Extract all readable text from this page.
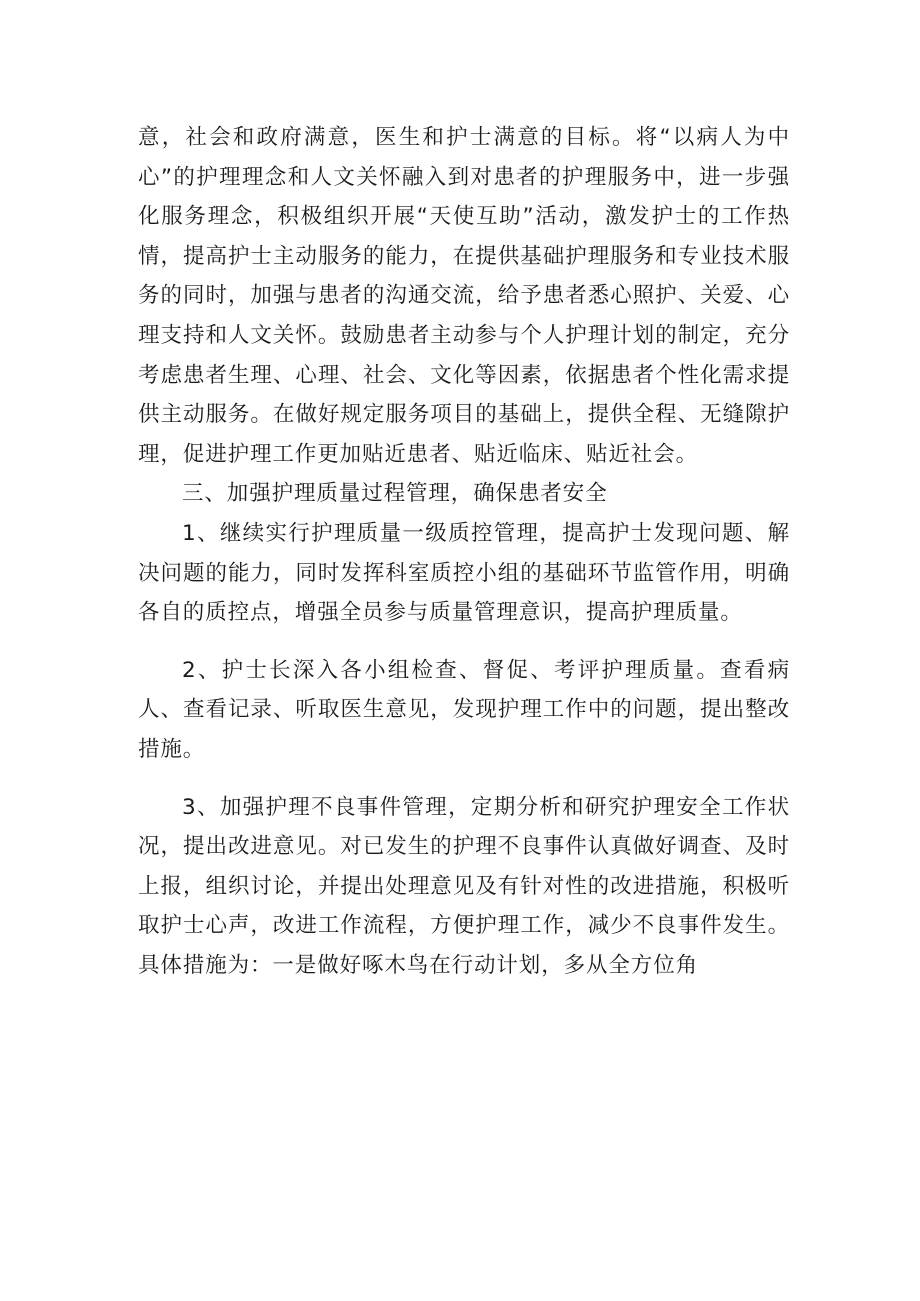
意，社会和政府满意，医生和护士满意的目标。将“以病人为中心”的护理理念和人文关怀融入到对患者的护理服务中，进一步强化服务理念，积极组织开展“天使互助”活动，激发护士的工作热情，提高护士主动服务的能力，在提供基础护理服务和专业技术服务的同时，加强与患者的沟通交流，给予患者悉心照护、关爱、心理支持和人文关怀。鼓励患者主动参与个人护理计划的制定，充分考虑患者生理、心理、社会、文化等因素，依据患者个性化需求提供主动服务。在做好规定服务项目的基础上，提供全程、无缝隙护理，促进护理工作更加贴近患者、贴近临床、贴近社会。

三、加强护理质量过程管理，确保患者安全

1、继续实行护理质量一级质控管理，提高护士发现问题、解决问题的能力，同时发挥科室质控小组的基础环节监管作用，明确各自的质控点，增强全员参与质量管理意识，提高护理质量。

2、护士长深入各小组检查、督促、考评护理质量。查看病人、查看记录、听取医生意见，发现护理工作中的问题，提出整改措施。

3、加强护理不良事件管理，定期分析和研究护理安全工作状况，提出改进意见。对已发生的护理不良事件认真做好调查、及时上报，组织讨论，并提出处理意见及有针对性的改进措施，积极听取护士心声，改进工作流程，方便护理工作，减少不良事件发生。具体措施为：一是做好啄木鸟在行动计划，多从全方位角
